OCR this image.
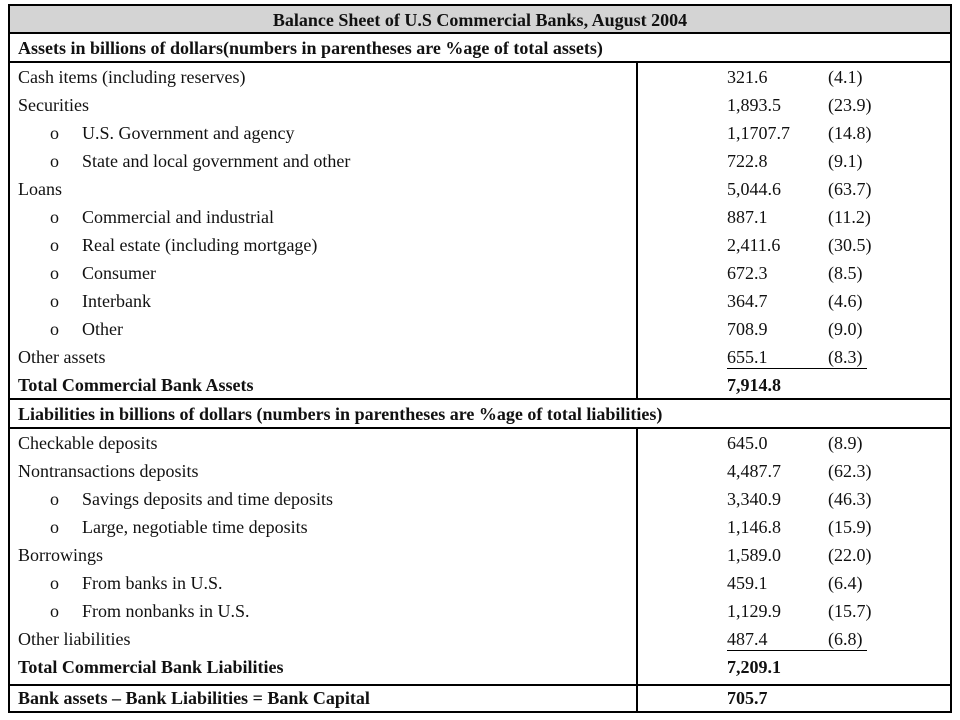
Balance Sheet of U.S Commercial Banks, August 2004
Assets in billions of dollars(numbers in parentheses are %age of total assets)
Cash items (including reserves)	321.6	(4.1)
Securities	1,893.5	(23.9)
o U.S. Government and agency	1,1707.7 (14.8)
o State and local government and other	722.8	(9.1)
Loans	5,044.6	(63.7)
o Commercial and industrial	887.1	(11.2)
o Real estate (including mortgage)	2,411.6	(30.5)
o Consumer	672.3	(8.5)
o Interbank	364.7	(4.6)
o Other	708.9	(9.0)
Other assets	655.1	(8.3)
Total Commercial Bank Assets	7,914.8
Liabilities in billions of dollars (numbers in parentheses are %age of total liabilities)
Checkable deposits	645.0	(8.9)
Nontransactions deposits	4,487.7	(62.3)
o Savings deposits and time deposits	3,340.9	(46.3)
o Large, negotiable time deposits	1,146.8	(15.9)
Borrowings	1,589.0	(22.0)
o From banks in U.S.	459.1	(6.4)
o From nonbanks in U.S.	1,129.9	(15.7)
Other liabilities	487.4	(6.8)
Total Commercial Bank Liabilities	7,209.1
Bank assets – Bank Liabilities = Bank Capital	705.7
